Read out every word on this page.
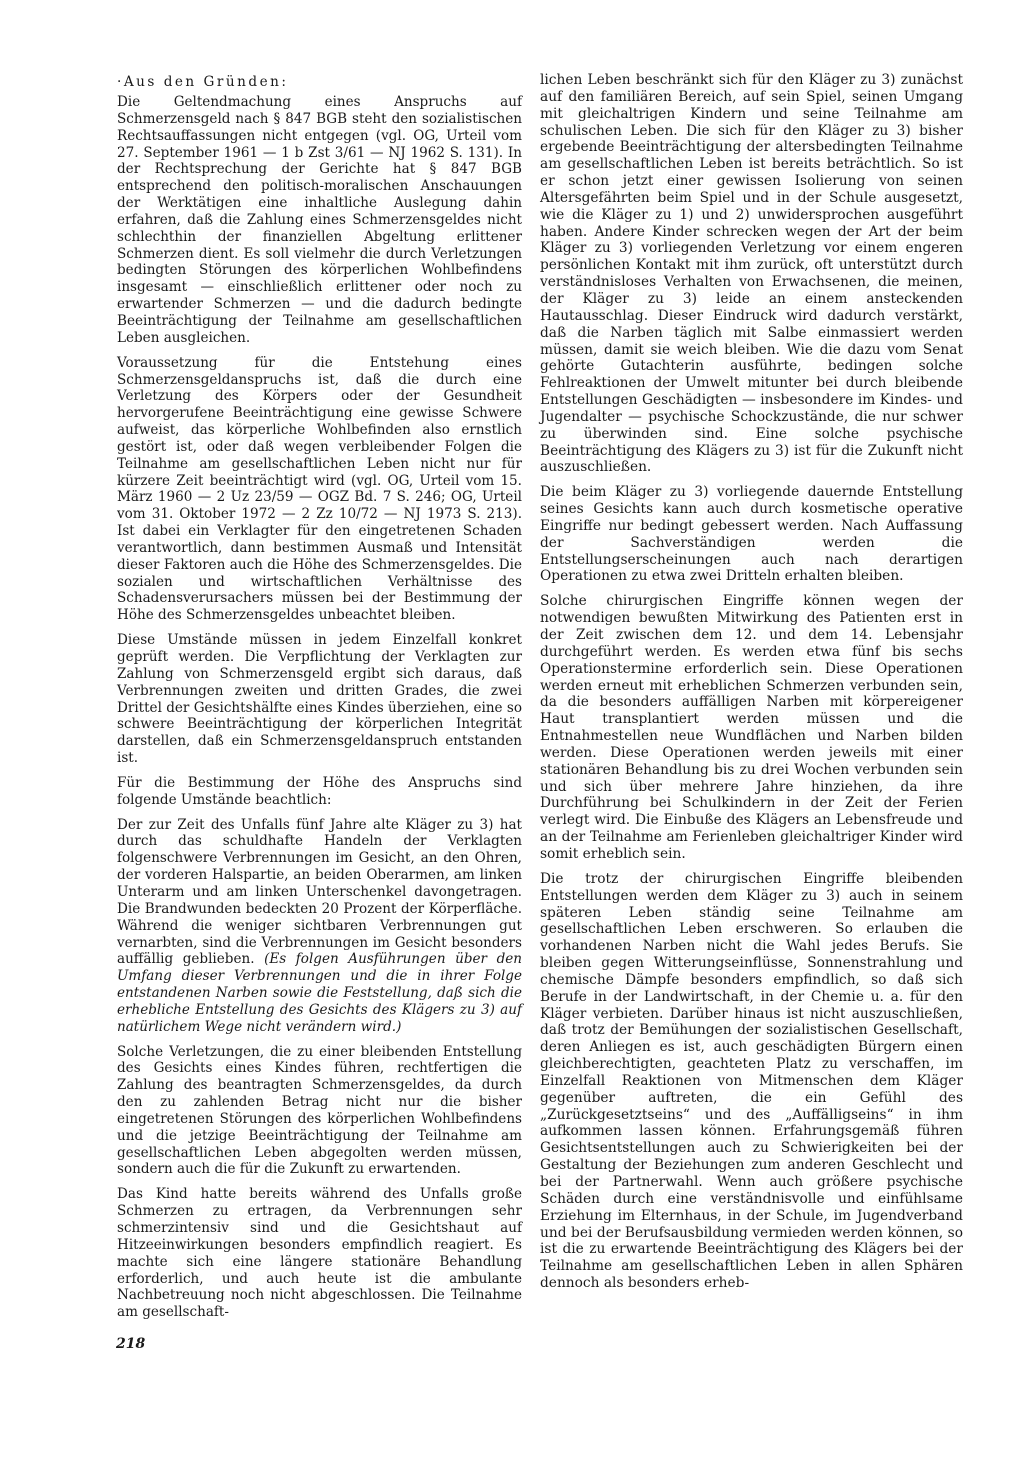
·Aus den Gründen:

Die Geltendmachung eines Anspruchs auf Schmerzensgeld nach § 847 BGB steht den sozialistischen Rechtsauffassungen nicht entgegen (vgl. OG, Urteil vom 27. September 1961 — 1 b Zst 3/61 — NJ 1962 S. 131). In der Rechtsprechung der Gerichte hat § 847 BGB entsprechend den politisch-moralischen Anschauungen der Werktätigen eine inhaltliche Auslegung dahin erfahren, daß die Zahlung eines Schmerzensgeldes nicht schlechthin der finanziellen Abgeltung erlittener Schmerzen dient. Es soll vielmehr die durch Verletzungen bedingten Störungen des körperlichen Wohlbefindens insgesamt — einschließlich erlittener oder noch zu erwartender Schmerzen — und die dadurch bedingte Beeinträchtigung der Teilnahme am gesellschaftlichen Leben ausgleichen.

Voraussetzung für die Entstehung eines Schmerzensgeldanspruchs ist, daß die durch eine Verletzung des Körpers oder der Gesundheit hervorgerufene Beeinträchtigung eine gewisse Schwere aufweist, das körperliche Wohlbefinden also ernstlich gestört ist, oder daß wegen verbleibender Folgen die Teilnahme am gesellschaftlichen Leben nicht nur für kürzere Zeit beeinträchtigt wird (vgl. OG, Urteil vom 15. März 1960 — 2 Uz 23/59 — OGZ Bd. 7 S. 246; OG, Urteil vom 31. Oktober 1972 — 2 Zz 10/72 — NJ 1973 S. 213). Ist dabei ein Verklagter für den eingetretenen Schaden verantwortlich, dann bestimmen Ausmaß und Intensität dieser Faktoren auch die Höhe des Schmerzensgeldes. Die sozialen und wirtschaftlichen Verhältnisse des Schadensverursachers müssen bei der Bestimmung der Höhe des Schmerzensgeldes unbeachtet bleiben.

Diese Umstände müssen in jedem Einzelfall konkret geprüft werden. Die Verpflichtung der Verklagten zur Zahlung von Schmerzensgeld ergibt sich daraus, daß Verbrennungen zweiten und dritten Grades, die zwei Drittel der Gesichtshälfte eines Kindes überziehen, eine so schwere Beeinträchtigung der körperlichen Integrität darstellen, daß ein Schmerzensgeldanspruch entstanden ist.

Für die Bestimmung der Höhe des Anspruchs sind folgende Umstände beachtlich:

Der zur Zeit des Unfalls fünf Jahre alte Kläger zu 3) hat durch das schuldhafte Handeln der Verklagten folgenschwere Verbrennungen im Gesicht, an den Ohren, der vorderen Halspartie, an beiden Oberarmen, am linken Unterarm und am linken Unterschenkel davongetragen. Die Brandwunden bedeckten 20 Prozent der Körperfläche. Während die weniger sichtbaren Verbrennungen gut vernarbten, sind die Verbrennungen im Gesicht besonders auffällig geblieben. (Es folgen Ausführungen über den Umfang dieser Verbrennungen und die in ihrer Folge entstandenen Narben sowie die Feststellung, daß sich die erhebliche Entstellung des Gesichts des Klägers zu 3) auf natürlichem Wege nicht verändern wird.)

Solche Verletzungen, die zu einer bleibenden Entstellung des Gesichts eines Kindes führen, rechtfertigen die Zahlung des beantragten Schmerzensgeldes, da durch den zu zahlenden Betrag nicht nur die bisher eingetretenen Störungen des körperlichen Wohlbefindens und die jetzige Beeinträchtigung der Teilnahme am gesellschaftlichen Leben abgegolten werden müssen, sondern auch die für die Zukunft zu erwartenden.

Das Kind hatte bereits während des Unfalls große Schmerzen zu ertragen, da Verbrennungen sehr schmerzintensiv sind und die Gesichtshaut auf Hitzeeinwirkungen besonders empfindlich reagiert. Es machte sich eine längere stationäre Behandlung erforderlich, und auch heute ist die ambulante Nachbetreuung noch nicht abgeschlossen. Die Teilnahme am gesellschaft-

lichen Leben beschränkt sich für den Kläger zu 3) zunächst auf den familiären Bereich, auf sein Spiel, seinen Umgang mit gleichaltrigen Kindern und seine Teilnahme am schulischen Leben. Die sich für den Kläger zu 3) bisher ergebende Beeinträchtigung der altersbedingten Teilnahme am gesellschaftlichen Leben ist bereits beträchtlich. So ist er schon jetzt einer gewissen Isolierung von seinen Altersgefährten beim Spiel und in der Schule ausgesetzt, wie die Kläger zu 1) und 2) unwidersprochen ausgeführt haben. Andere Kinder schrecken wegen der Art der beim Kläger zu 3) vorliegenden Verletzung vor einem engeren persönlichen Kontakt mit ihm zurück, oft unterstützt durch verständnisloses Verhalten von Erwachsenen, die meinen, der Kläger zu 3) leide an einem ansteckenden Hautausschlag. Dieser Eindruck wird dadurch verstärkt, daß die Narben täglich mit Salbe einmassiert werden müssen, damit sie weich bleiben. Wie die dazu vom Senat gehörte Gutachterin ausführte, bedingen solche Fehlreaktionen der Umwelt mitunter bei durch bleibende Entstellungen Geschädigten — insbesondere im Kindes- und Jugendalter — psychische Schockzustände, die nur schwer zu überwinden sind. Eine solche psychische Beeinträchtigung des Klägers zu 3) ist für die Zukunft nicht auszuschließen.

Die beim Kläger zu 3) vorliegende dauernde Entstellung seines Gesichts kann auch durch kosmetische operative Eingriffe nur bedingt gebessert werden. Nach Auffassung der Sachverständigen werden die Entstellungserscheinungen auch nach derartigen Operationen zu etwa zwei Dritteln erhalten bleiben.

Solche chirurgischen Eingriffe können wegen der notwendigen bewußten Mitwirkung des Patienten erst in der Zeit zwischen dem 12. und dem 14. Lebensjahr durchgeführt werden. Es werden etwa fünf bis sechs Operationstermine erforderlich sein. Diese Operationen werden erneut mit erheblichen Schmerzen verbunden sein, da die besonders auffälligen Narben mit körpereigener Haut transplantiert werden müssen und die Entnahmestellen neue Wundflächen und Narben bilden werden. Diese Operationen werden jeweils mit einer stationären Behandlung bis zu drei Wochen verbunden sein und sich über mehrere Jahre hinziehen, da ihre Durchführung bei Schulkindern in der Zeit der Ferien verlegt wird. Die Einbuße des Klägers an Lebensfreude und an der Teilnahme am Ferienleben gleichaltriger Kinder wird somit erheblich sein.

Die trotz der chirurgischen Eingriffe bleibenden Entstellungen werden dem Kläger zu 3) auch in seinem späteren Leben ständig seine Teilnahme am gesellschaftlichen Leben erschweren. So erlauben die vorhandenen Narben nicht die Wahl jedes Berufs. Sie bleiben gegen Witterungseinflüsse, Sonnenstrahlung und chemische Dämpfe besonders empfindlich, so daß sich Berufe in der Landwirtschaft, in der Chemie u. a. für den Kläger verbieten. Darüber hinaus ist nicht auszuschließen, daß trotz der Bemühungen der sozialistischen Gesellschaft, deren Anliegen es ist, auch geschädigten Bürgern einen gleichberechtigten, geachteten Platz zu verschaffen, im Einzelfall Reaktionen von Mitmenschen dem Kläger gegenüber auftreten, die ein Gefühl des „Zurückgesetztseins“ und des „Auffälligseins“ in ihm aufkommen lassen können. Erfahrungsgemäß führen Gesichtsentstellungen auch zu Schwierigkeiten bei der Gestaltung der Beziehungen zum anderen Geschlecht und bei der Partnerwahl. Wenn auch größere psychische Schäden durch eine verständnisvolle und einfühlsame Erziehung im Elternhaus, in der Schule, im Jugendverband und bei der Berufsausbildung vermieden werden können, so ist die zu erwartende Beeinträchtigung des Klägers bei der Teilnahme am gesellschaftlichen Leben in allen Sphären dennoch als besonders erheb-

218
